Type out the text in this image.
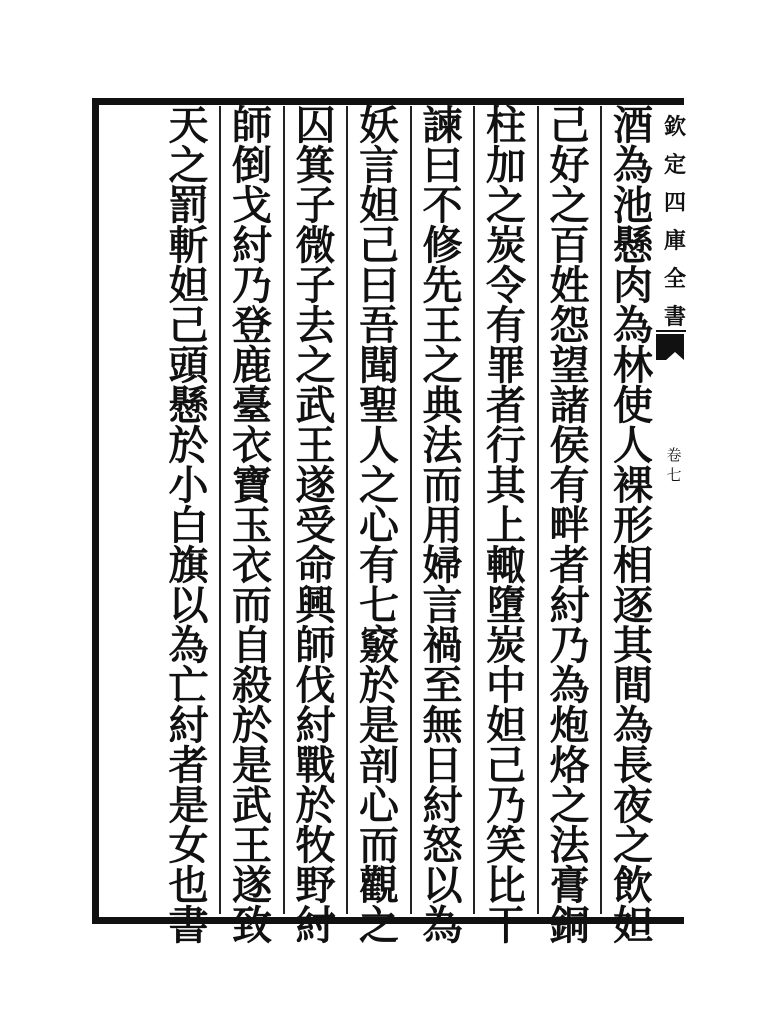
欽
定
四
庫
全
書
卷
七
酒
為
池
懸
肉
為
林
使
人
裸
形
相
逐
其
間
為
長
夜
之
飲
妲
己
好
之
百
姓
怨
望
諸
侯
有
畔
者
紂
乃
為
炮
烙
之
法
膏
銅
柱
加
之
炭
令
有
罪
者
行
其
上
輙
墮
炭
中
妲
己
乃
笑
比
干
諫
曰
不
修
先
王
之
典
法
而
用
婦
言
禍
至
無
日
紂
怒
以
為
妖
言
妲
己
曰
吾
聞
聖
人
之
心
有
七
竅
於
是
剖
心
而
觀
之
囚
箕
子
微
子
去
之
武
王
遂
受
命
興
師
伐
紂
戰
於
牧
野
紂
師
倒
戈
紂
乃
登
鹿
臺
衣
寶
玉
衣
而
自
殺
於
是
武
王
遂
致
天
之
罰
斬
妲
己
頭
懸
於
小
白
旗
以
為
亡
紂
者
是
女
也
書
